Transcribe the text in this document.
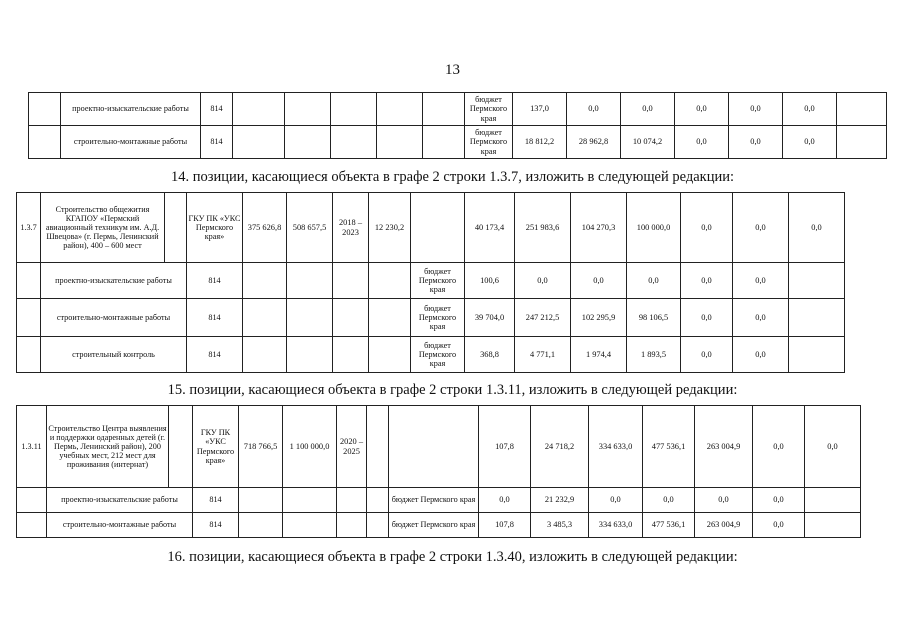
13
	проектно-изыскательские работы	814						бюджет Пермского края	137,0	0,0	0,0	0,0	0,0	0,0	
	строительно-монтажные работы	814						бюджет Пермского края	18 812,2	28 962,8	10 074,2	0,0	0,0	0,0	
14. позиции, касающиеся объекта в графе 2 строки 1.3.7, изложить в следующей редакции:
1.3.7	Строительство общежития КГАПОУ «Пермский авиационный техникум им. А.Д. Швецова» (г. Пермь, Ленинский район), 400 – 600 мест		ГКУ ПК «УКС Пермского края»	375 626,8	508 657,5	2018 – 2023	12 230,2		40 173,4	251 983,6	104 270,3	100 000,0	0,0	0,0	0,0
	проектно-изыскательские работы		814					бюджет Пермского края	100,6	0,0	0,0	0,0	0,0	0,0	
	строительно-монтажные работы		814					бюджет Пермского края	39 704,0	247 212,5	102 295,9	98 106,5	0,0	0,0	
	строительный контроль		814					бюджет Пермского края	368,8	4 771,1	1 974,4	1 893,5	0,0	0,0	
15. позиции, касающиеся объекта в графе 2 строки 1.3.11, изложить в следующей редакции:
1.3.11	Строительство Центра выявления и поддержки одаренных детей (г. Пермь, Ленинский район), 200 учебных мест, 212 мест для проживания (интернат)		ГКУ ПК «УКС Пермского края»	718 766,5	1 100 000,0	2020 – 2025			107,8	24 718,2	334 633,0	477 536,1	263 004,9	0,0	0,0
	проектно-изыскательские работы		814					бюджет Пермского края	0,0	21 232,9	0,0	0,0	0,0	0,0	
	строительно-монтажные работы		814					бюджет Пермского края	107,8	3 485,3	334 633,0	477 536,1	263 004,9	0,0	
16. позиции, касающиеся объекта в графе 2 строки 1.3.40, изложить в следующей редакции:
